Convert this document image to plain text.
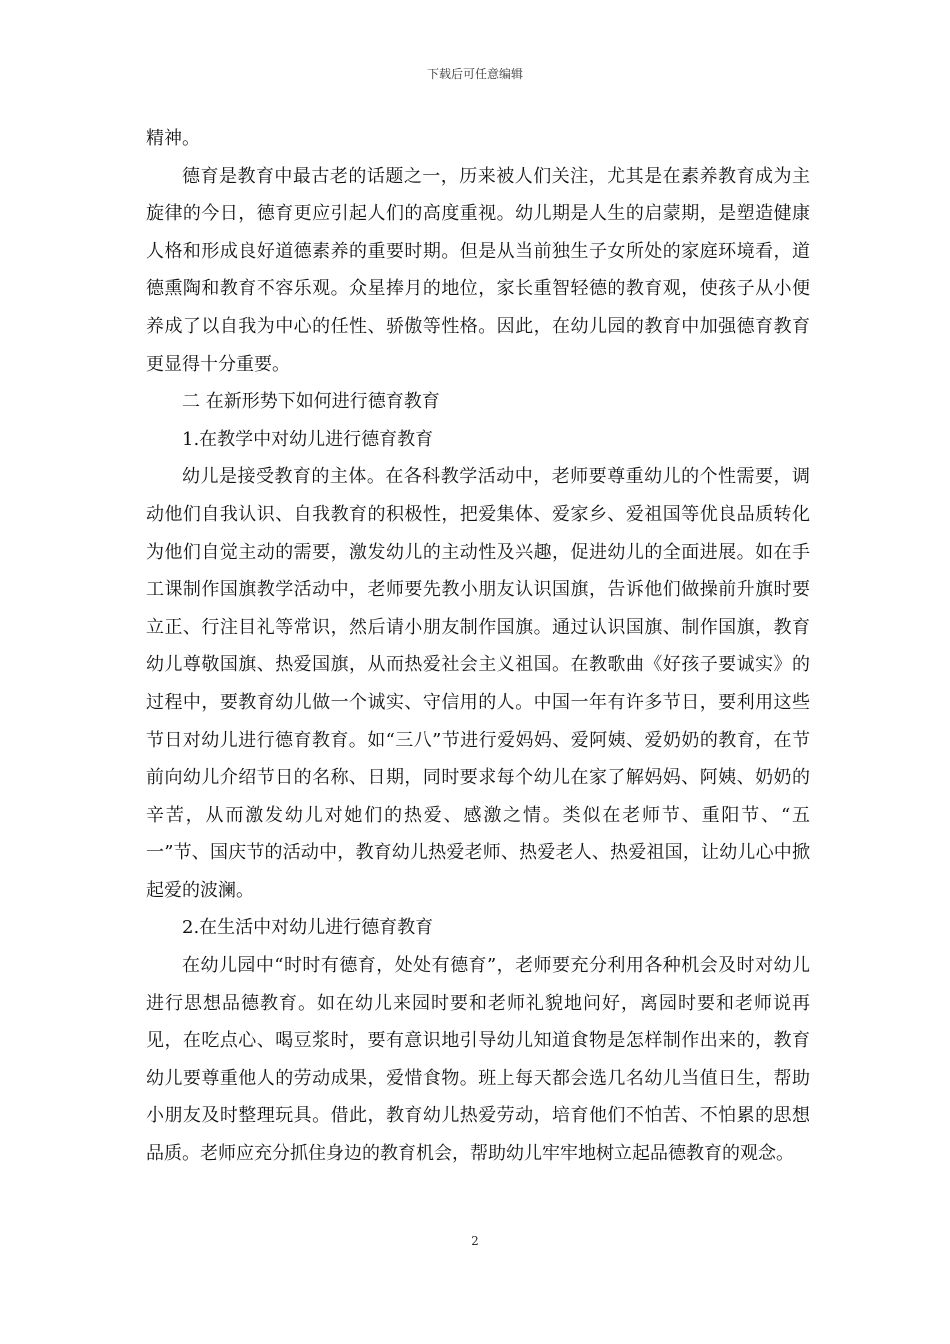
下载后可任意编辑

精神。

德育是教育中最古老的话题之一，历来被人们关注，尤其是在素养教育成为主旋律的今日，德育更应引起人们的高度重视。幼儿期是人生的启蒙期，是塑造健康人格和形成良好道德素养的重要时期。但是从当前独生子女所处的家庭环境看，道德熏陶和教育不容乐观。众星捧月的地位，家长重智轻德的教育观，使孩子从小便养成了以自我为中心的任性、骄傲等性格。因此，在幼儿园的教育中加强德育教育更显得十分重要。

二 在新形势下如何进行德育教育

1.在教学中对幼儿进行德育教育

幼儿是接受教育的主体。在各科教学活动中，老师要尊重幼儿的个性需要，调动他们自我认识、自我教育的积极性，把爱集体、爱家乡、爱祖国等优良品质转化为他们自觉主动的需要，激发幼儿的主动性及兴趣，促进幼儿的全面进展。如在手工课制作国旗教学活动中，老师要先教小朋友认识国旗，告诉他们做操前升旗时要立正、行注目礼等常识，然后请小朋友制作国旗。通过认识国旗、制作国旗，教育幼儿尊敬国旗、热爱国旗，从而热爱社会主义祖国。在教歌曲《好孩子要诚实》的过程中，要教育幼儿做一个诚实、守信用的人。中国一年有许多节日，要利用这些节日对幼儿进行德育教育。如“三八”节进行爱妈妈、爱阿姨、爱奶奶的教育，在节前向幼儿介绍节日的名称、日期，同时要求每个幼儿在家了解妈妈、阿姨、奶奶的辛苦，从而激发幼儿对她们的热爱、感激之情。类似在老师节、重阳节、“五一”节、国庆节的活动中，教育幼儿热爱老师、热爱老人、热爱祖国，让幼儿心中掀起爱的波澜。

2.在生活中对幼儿进行德育教育

在幼儿园中“时时有德育，处处有德育”，老师要充分利用各种机会及时对幼儿进行思想品德教育。如在幼儿来园时要和老师礼貌地问好，离园时要和老师说再见，在吃点心、喝豆浆时，要有意识地引导幼儿知道食物是怎样制作出来的，教育幼儿要尊重他人的劳动成果，爱惜食物。班上每天都会选几名幼儿当值日生，帮助小朋友及时整理玩具。借此，教育幼儿热爱劳动，培育他们不怕苦、不怕累的思想品质。老师应充分抓住身边的教育机会，帮助幼儿牢牢地树立起品德教育的观念。

2
